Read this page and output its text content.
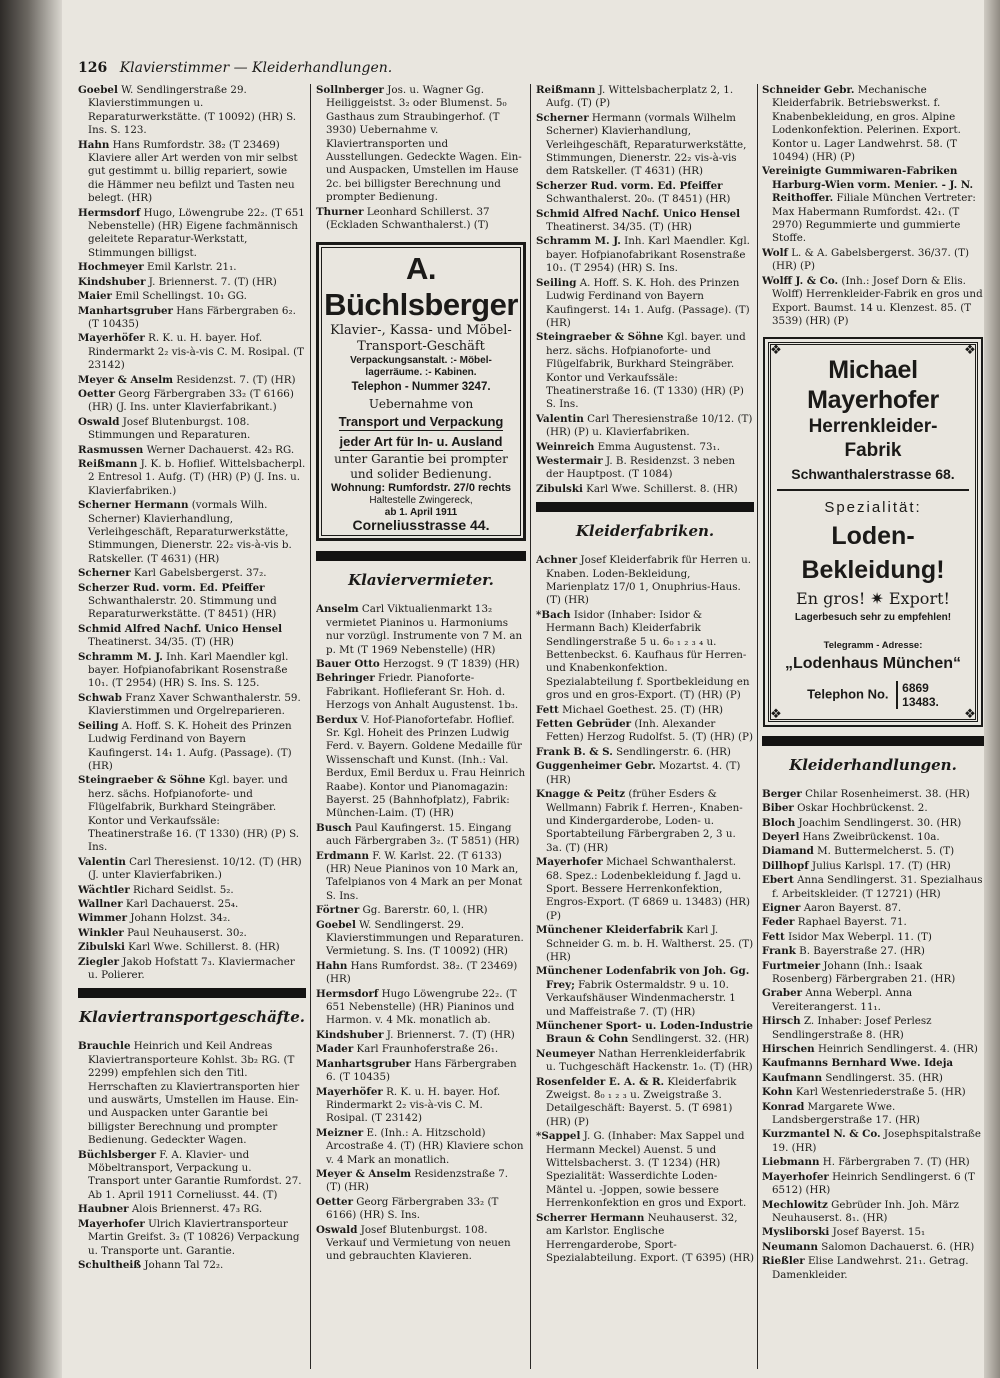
126 Klavierstimmer — Kleiderhandlungen.
Goebel W. Sendlingerstraße 29. Klavierstimmungen u. Reparaturwerkstätte. (T 10092) (HR) S. Ins. S. 123.
Hahn Hans Rumfordstr. 38₂ (T 23469) Klaviere aller Art werden von mir selbst gut gestimmt u. billig repariert, sowie die Hämmer neu befilzt und Tasten neu belegt. (HR)
Hermsdorf Hugo, Löwengrube 22₂. (T 651 Nebenstelle) (HR) Eigene fachmännisch geleitete Reparatur-Werkstatt, Stimmungen billigst.
Hochmeyer Emil Karlstr. 21₁.
Kindshuber J. Briennerst. 7. (T) (HR)
Maier Emil Schellingst. 10₁ GG.
Manhartsgruber Hans Färbergraben 6₂. (T 10435)
Mayerhöfer R. K. u. H. bayer. Hof. Rindermarkt 2₂ vis-à-vis C. M. Rosipal. (T 23142)
Meyer & Anselm Residenzst. 7. (T) (HR)
Oetter Georg Färbergraben 33₂ (T 6166) (HR) (J. Ins. unter Klavierfabrikant.)
Oswald Josef Blutenburgst. 108. Stimmungen und Reparaturen.
Rasmussen Werner Dachauerst. 42₃ RG.
Reißmann J. K. b. Hoflief. Wittelsbacherpl. 2 Entresol 1. Aufg. (T) (HR) (P) (J. Ins. u. Klavierfabriken.)
Scherner Hermann (vormals Wilh. Scherner) Klavierhandlung, Verleihgeschäft, Reparaturwerkstätte, Stimmungen, Dienerstr. 22₂ vis-à-vis b. Ratskeller. (T 4631) (HR)
Scherner Karl Gabelsbergerst. 37₂.
Scherzer Rud. vorm. Ed. Pfeiffer Schwanthalerstr. 20. Stimmung und Reparaturwerkstätte. (T 8451) (HR)
Schmid Alfred Nachf. Unico Hensel Theatinerst. 34/35. (T) (HR)
Schramm M. J. Inh. Karl Maendler kgl. bayer. Hofpianofabrikant Rosenstraße 10₁. (T 2954) (HR) S. Ins. S. 125.
Schwab Franz Xaver Schwanthalerstr. 59. Klavierstimmen und Orgelreparieren.
Seiling A. Hoff. S. K. Hoheit des Prinzen Ludwig Ferdinand von Bayern Kaufingerst. 14₁ 1. Aufg. (Passage). (T) (HR)
Steingraeber & Söhne Kgl. bayer. und herz. sächs. Hofpianoforte- und Flügelfabrik, Burkhard Steingräber. Kontor und Verkaufssäle: Theatinerstraße 16. (T 1330) (HR) (P) S. Ins.
Valentin Carl Theresienst. 10/12. (T) (HR) (J. unter Klavierfabriken.)
Wächtler Richard Seidlst. 5₂.
Wallner Karl Dachauerst. 25₄.
Wimmer Johann Holzst. 34₂.
Winkler Paul Neuhauserst. 30₂.
Zibulski Karl Wwe. Schillerst. 8. (HR)
Ziegler Jakob Hofstatt 7₃. Klaviermacher u. Polierer.
Klaviertransportgeschäfte.
Brauchle Heinrich und Keil Andreas Klaviertransporteure Kohlst. 3b₂ RG. (T 2299) empfehlen sich den Titl. Herrschaften zu Klaviertransporten hier und auswärts, Umstellen im Hause. Ein- und Auspacken unter Garantie bei billigster Berechnung und prompter Bedienung. Gedeckter Wagen.
Büchlsberger F. A. Klavier- und Möbeltransport, Verpackung u. Transport unter Garantie Rumfordst. 27. Ab 1. April 1911 Corneliusst. 44. (T)
Haubner Alois Briennerst. 47₃ RG.
Mayerhofer Ulrich Klaviertransporteur Martin Greifst. 3₂ (T 10826) Verpackung u. Transporte unt. Garantie.
Schultheiß Johann Tal 72₂.
Sollnberger Jos. u. Wagner Gg. Heiliggeistst. 3₂ oder Blumenst. 5₀ Gasthaus zum Straubingerhof. (T 3930) Uebernahme v. Klaviertransporten und Ausstellungen. Gedeckte Wagen. Ein- und Auspacken, Umstellen im Hause 2c. bei billigster Berechnung und prompter Bedienung.
Thurner Leonhard Schillerst. 37 (Eckladen Schwanthalerst.) (T)
A. Büchlsberger
Klavier-, Kassa- und Möbel-
Transport-Geschäft
Verpackungsanstalt. :- Möbel-
lagerräume. :- Kabinen.
Telephon - Nummer 3247.
Uebernahme von
Transport und Verpackung
jeder Art für In- u. Ausland
unter Garantie bei prompter
und solider Bedienung.
Wohnung: Rumfordstr. 27/0 rechts
Haltestelle Zwingereck,
ab 1. April 1911
Corneliusstrasse 44.
Klaviervermieter.
Anselm Carl Viktualienmarkt 13₂ vermietet Pianinos u. Harmoniums nur vorzügl. Instrumente von 7 M. an p. Mt (T 1969 Nebenstelle) (HR)
Bauer Otto Herzogst. 9 (T 1839) (HR)
Behringer Friedr. Pianoforte-Fabrikant. Hoflieferant Sr. Hoh. d. Herzogs von Anhalt Augustenst. 1b₃.
Berdux V. Hof-Pianofortefabr. Hoflief. Sr. Kgl. Hoheit des Prinzen Ludwig Ferd. v. Bayern. Goldene Medaille für Wissenschaft und Kunst. (Inh.: Val. Berdux, Emil Berdux u. Frau Heinrich Raabe). Kontor und Pianomagazin: Bayerst. 25 (Bahnhofplatz), Fabrik: München-Laim. (T) (HR)
Busch Paul Kaufingerst. 15. Eingang auch Färbergraben 3₂. (T 5851) (HR)
Erdmann F. W. Karlst. 22. (T 6133) (HR) Neue Pianinos von 10 Mark an, Tafelpianos von 4 Mark an per Monat S. Ins.
Förtner Gg. Barerstr. 60, l. (HR)
Goebel W. Sendlingerst. 29. Klavierstimmungen und Reparaturen. Vermietung. S. Ins. (T 10092) (HR)
Hahn Hans Rumfordst. 38₂. (T 23469) (HR)
Hermsdorf Hugo Löwengrube 22₂. (T 651 Nebenstelle) (HR) Pianinos und Harmon. v. 4 Mk. monatlich ab.
Kindshuber J. Briennerst. 7. (T) (HR)
Mader Karl Fraunhoferstraße 26₁.
Manhartsgruber Hans Färbergraben 6. (T 10435)
Mayerhöfer R. K. u. H. bayer. Hof. Rindermarkt 2₂ vis-à-vis C. M. Rosipal. (T 23142)
Meizner E. (Inh.: A. Hitzschold) Arcostraße 4. (T) (HR) Klaviere schon v. 4 Mark an monatlich.
Meyer & Anselm Residenzstraße 7. (T) (HR)
Oetter Georg Färbergraben 33₂ (T 6166) (HR) S. Ins.
Oswald Josef Blutenburgst. 108. Verkauf und Vermietung von neuen und gebrauchten Klavieren.
Reißmann J. Wittelsbacherplatz 2, 1. Aufg. (T) (P)
Scherner Hermann (vormals Wilhelm Scherner) Klavierhandlung, Verleihgeschäft, Reparaturwerkstätte, Stimmungen, Dienerstr. 22₂ vis-à-vis dem Ratskeller. (T 4631) (HR)
Scherzer Rud. vorm. Ed. Pfeiffer Schwanthalerst. 20₀. (T 8451) (HR)
Schmid Alfred Nachf. Unico Hensel Theatinerst. 34/35. (T) (HR)
Schramm M. J. Inh. Karl Maendler. Kgl. bayer. Hofpianofabrikant Rosenstraße 10₁. (T 2954) (HR) S. Ins.
Seiling A. Hoff. S. K. Hoh. des Prinzen Ludwig Ferdinand von Bayern Kaufingerst. 14₁ 1. Aufg. (Passage). (T) (HR)
Steingraeber & Söhne Kgl. bayer. und herz. sächs. Hofpianoforte- und Flügelfabrik, Burkhard Steingräber. Kontor und Verkaufssäle: Theatinerstraße 16. (T 1330) (HR) (P) S. Ins.
Valentin Carl Theresienstraße 10/12. (T) (HR) (P) u. Klavierfabriken.
Weinreich Emma Augustenst. 73₁.
Westermair J. B. Residenzst. 3 neben der Hauptpost. (T 1084)
Zibulski Karl Wwe. Schillerst. 8. (HR)
Kleiderfabriken.
Achner Josef Kleiderfabrik für Herren u. Knaben. Loden-Bekleidung, Marienplatz 17/0 1, Onuphrius-Haus. (T) (HR)
*Bach Isidor (Inhaber: Isidor & Hermann Bach) Kleiderfabrik Sendlingerstraße 5 u. 6₀ ₁ ₂ ₃ ₄ u. Bettenbeckst. 6. Kaufhaus für Herren- und Knabenkonfektion. Spezialabteilung f. Sportbekleidung en gros und en gros-Export. (T) (HR) (P)
Fett Michael Goethest. 25. (T) (HR)
Fetten Gebrüder (Inh. Alexander Fetten) Herzog Rudolfst. 5. (T) (HR) (P)
Frank B. & S. Sendlingerstr. 6. (HR)
Guggenheimer Gebr. Mozartst. 4. (T) (HR)
Knagge & Peitz (früher Esders & Wellmann) Fabrik f. Herren-, Knaben- und Kindergarderobe, Loden- u. Sportabteilung Färbergraben 2, 3 u. 3a. (T) (HR)
Mayerhofer Michael Schwanthalerst. 68. Spez.: Lodenbekleidung f. Jagd u. Sport. Bessere Herrenkonfektion, Engros-Export. (T 6869 u. 13483) (HR) (P)
Münchener Kleiderfabrik Karl J. Schneider G. m. b. H. Waltherst. 25. (T) (HR)
Münchener Lodenfabrik von Joh. Gg. Frey; Fabrik Ostermaldstr. 9 u. 10. Verkaufshäuser Windenmacherstr. 1 und Maffeistraße 7. (T) (HR)
Münchener Sport- u. Loden-Industrie Braun & Cohn Sendlingerst. 32. (HR)
Neumeyer Nathan Herrenkleiderfabrik u. Tuchgeschäft Hackenstr. 1₀. (T) (HR)
Rosenfelder E. A. & R. Kleiderfabrik Zweigst. 8₀ ₁ ₂ ₃ u. Zweigstraße 3. Detailgeschäft: Bayerst. 5. (T 6981) (HR) (P)
*Sappel J. G. (Inhaber: Max Sappel und Hermann Meckel) Auenst. 5 und Wittelsbacherst. 3. (T 1234) (HR) Spezialität: Wasserdichte Loden-Mäntel u. -Joppen, sowie bessere Herrenkonfektion en gros und Export.
Scherrer Hermann Neuhauserst. 32, am Karlstor. Englische Herrengarderobe, Sport-Spezialabteilung. Export. (T 6395) (HR)
Schneider Gebr. Mechanische Kleiderfabrik. Betriebswerkst. f. Knabenbekleidung, en gros. Alpine Lodenkonfektion. Pelerinen. Export. Kontor u. Lager Landwehrst. 58. (T 10494) (HR) (P)
Vereinigte Gummiwaren-Fabriken Harburg-Wien vorm. Menier. - J. N. Reithoffer. Filiale München Vertreter: Max Habermann Rumfordst. 42₁. (T 2970) Regummierte und gummierte Stoffe.
Wolf L. & A. Gabelsbergerst. 36/37. (T) (HR) (P)
Wolff J. & Co. (Inh.: Josef Dorn & Elis. Wolff) Herrenkleider-Fabrik en gros und Export. Baumst. 14 u. Klenzest. 85. (T 3539) (HR) (P)
❖	❖
❖	❖
Michael Mayerhofer
Herrenkleider-
Fabrik
Schwanthalerstrasse 68.
Spezialität:
Loden-Bekleidung!
En gros! ✷ Export!
Lagerbesuch sehr zu empfehlen!
Telegramm - Adresse:
„Lodenhaus München“
Telephon No. 6869
13483.
Kleiderhandlungen.
Berger Chilar Rosenheimerst. 38. (HR)
Biber Oskar Hochbrückenst. 2.
Bloch Joachim Sendlingerst. 30. (HR)
Deyerl Hans Zweibrückenst. 10a.
Diamand M. Buttermelcherst. 5. (T)
Dillhopf Julius Karlspl. 17. (T) (HR)
Ebert Anna Sendlingerst. 31. Spezialhaus f. Arbeitskleider. (T 12721) (HR)
Eigner Aaron Bayerst. 87.
Feder Raphael Bayerst. 71.
Fett Isidor Max Weberpl. 11. (T)
Frank B. Bayerstraße 27. (HR)
Furtmeier Johann (Inh.: Isaak Rosenberg) Färbergraben 21. (HR)
Graber Anna Weberpl. Anna Vereiterangerst. 11₁.
Hirsch Z. Inhaber: Josef Perlesz Sendlingerstraße 8. (HR)
Hirschen Heinrich Sendlingerst. 4. (HR)
Kaufmanns Bernhard Wwe. Ideja
Kaufmann Sendlingerst. 35. (HR)
Kohn Karl Westenriederstraße 5. (HR)
Konrad Margarete Wwe. Landsbergerstraße 17. (HR)
Kurzmantel N. & Co. Josephspitalstraße 19. (HR)
Liebmann H. Färbergraben 7. (T) (HR)
Mayerhofer Heinrich Sendlingerst. 6 (T 6512) (HR)
Mechlowitz Gebrüder Inh. Joh. März Neuhauserst. 8₁. (HR)
Mysliborski Josef Bayerst. 15₁
Neumann Salomon Dachauerst. 6. (HR)
Rießler Elise Landwehrst. 21₁. Getrag. Damenkleider.
